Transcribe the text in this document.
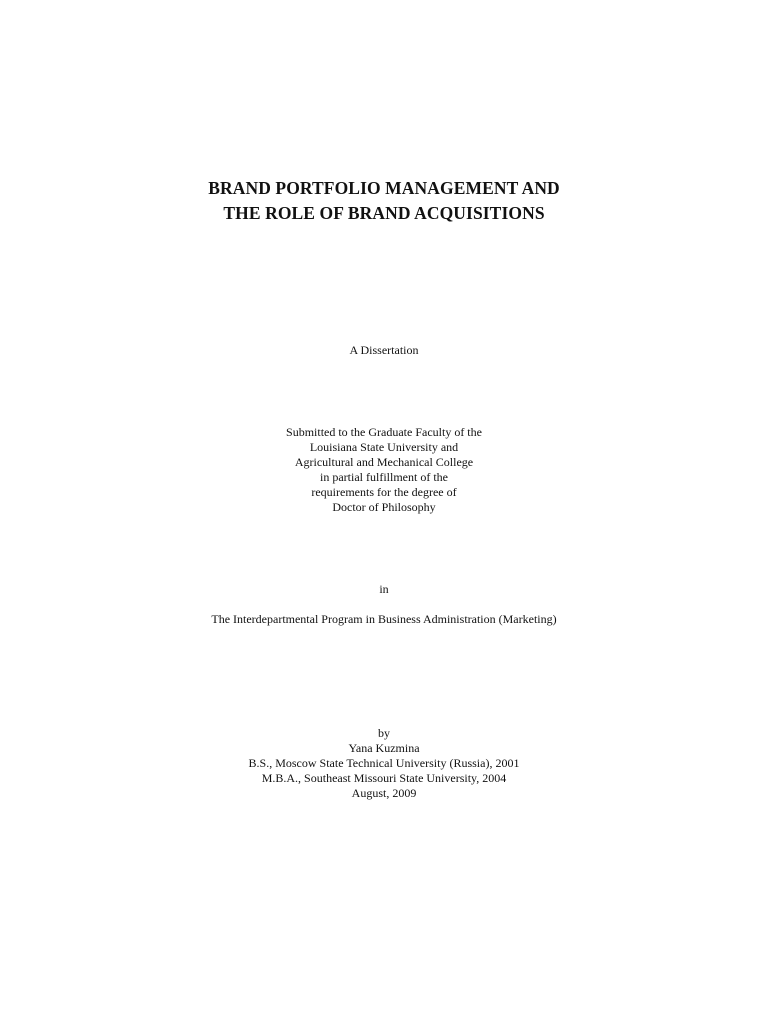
BRAND PORTFOLIO MANAGEMENT AND
THE ROLE OF BRAND ACQUISITIONS
A Dissertation
Submitted to the Graduate Faculty of the
Louisiana State University and
Agricultural and Mechanical College
in partial fulfillment of the
requirements for the degree of
Doctor of Philosophy
in
The Interdepartmental Program in Business Administration (Marketing)
by
Yana Kuzmina
B.S., Moscow State Technical University (Russia), 2001
M.B.A., Southeast Missouri State University, 2004
August, 2009
